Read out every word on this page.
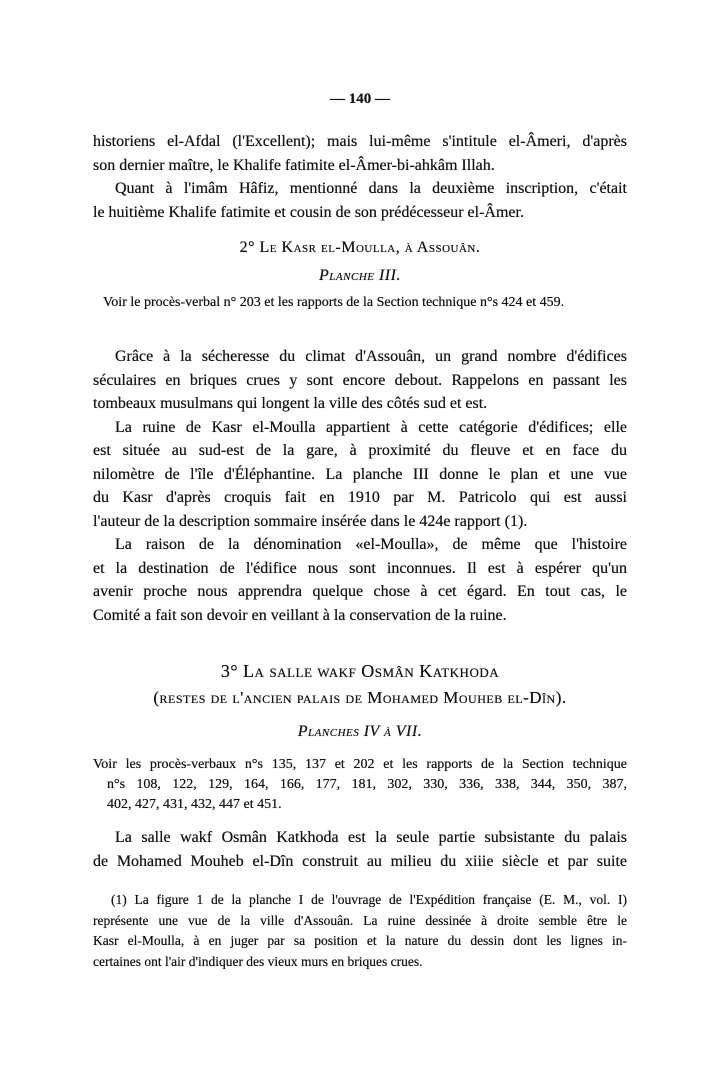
— 140 —
historiens el-Afdal (l'Excellent); mais lui-même s'intitule el-Âmeri, d'après
son dernier maître, le Khalife fatimite el-Âmer-bi-ahkâm Illah.
Quant à l'imâm Hâfiz, mentionné dans la deuxième inscription, c'était
le huitième Khalife fatimite et cousin de son prédécesseur el-Âmer.
2° Le Kasr el-Moulla, à Assouân.
Planche III.
Voir le procès-verbal n° 203 et les rapports de la Section technique n°s 424 et 459.
Grâce à la sécheresse du climat d'Assouân, un grand nombre d'édifices
séculaires en briques crues y sont encore debout. Rappelons en passant les
tombeaux musulmans qui longent la ville des côtés sud et est.
La ruine de Kasr el-Moulla appartient à cette catégorie d'édifices; elle
est située au sud-est de la gare, à proximité du fleuve et en face du
nilomètre de l'île d'Éléphantine. La planche III donne le plan et une vue
du Kasr d'après croquis fait en 1910 par M. Patricolo qui est aussi
l'auteur de la description sommaire insérée dans le 424e rapport (1).
La raison de la dénomination «el-Moulla», de même que l'histoire
et la destination de l'édifice nous sont inconnues. Il est à espérer qu'un
avenir proche nous apprendra quelque chose à cet égard. En tout cas, le
Comité a fait son devoir en veillant à la conservation de la ruine.
3° La salle wakf Osmân Katkhoda
(restes de l'ancien palais de Mohamed Mouheb el-Dîn).
Planches IV à VII.
Voir les procès-verbaux n°s 135, 137 et 202 et les rapports de la Section technique
n°s 108, 122, 129, 164, 166, 177, 181, 302, 330, 336, 338, 344, 350, 387,
402, 427, 431, 432, 447 et 451.
La salle wakf Osmân Katkhoda est la seule partie subsistante du palais
de Mohamed Mouheb el-Dîn construit au milieu du xiiie siècle et par suite
(1) La figure 1 de la planche I de l'ouvrage de l'Expédition française (E. M., vol. I)
représente une vue de la ville d'Assouân. La ruine dessinée à droite semble être le
Kasr el-Moulla, à en juger par sa position et la nature du dessin dont les lignes in-
certaines ont l'air d'indiquer des vieux murs en briques crues.
